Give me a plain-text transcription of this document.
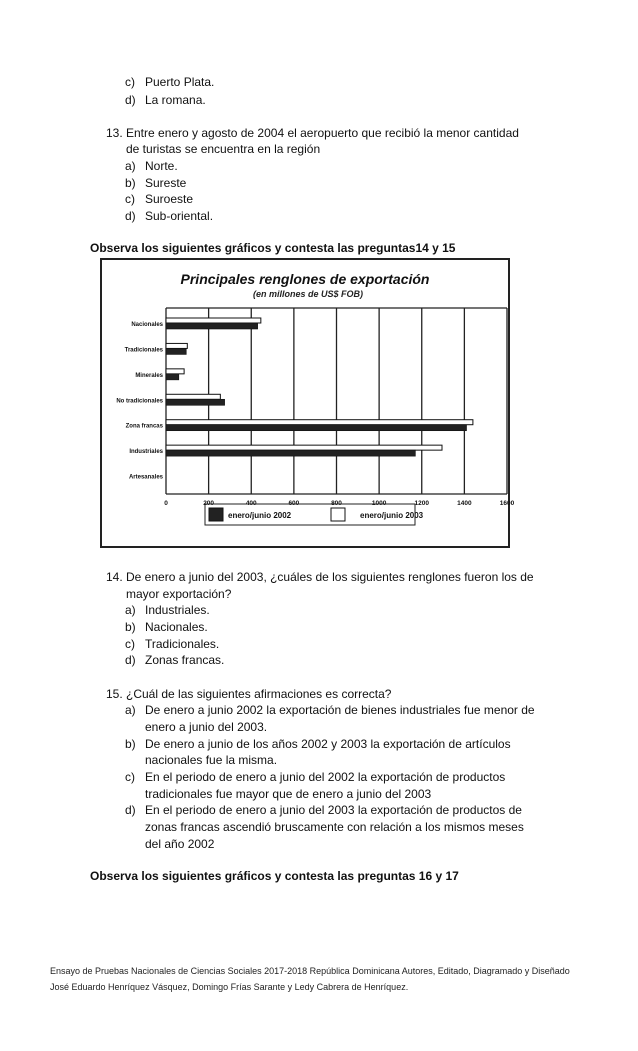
c) Puerto Plata.
d) La romana.
13. Entre enero y agosto de 2004 el aeropuerto que recibió la menor cantidad
de turistas se encuentra en la región
a) Norte.
b) Sureste
c) Suroeste
d) Sub-oriental.
Observa los siguientes gráficos y contesta las preguntas14 y 15
Principales renglones de exportación
(en millones de US$ FOB)
Nacionales
Tradicionales
Minerales
No tradicionales
Zona francas
Industriales
Artesanales
0	200	400	600	800	1000	1200	1400	1600
enero/junio 2002	enero/junio 2003
14. De enero a junio del 2003, ¿cuáles de los siguientes renglones fueron los de
mayor exportación?
a) Industriales.
b) Nacionales.
c) Tradicionales.
d) Zonas francas.
15. ¿Cuál de las siguientes afirmaciones es correcta?
a) De enero a junio 2002 la exportación de bienes industriales fue menor de
enero a junio del 2003.
b) De enero a junio de los años 2002 y 2003 la exportación de artículos
nacionales fue la misma.
c) En el periodo de enero a junio del 2002 la exportación de productos
tradicionales fue mayor que de enero a junio del 2003
d) En el periodo de enero a junio del 2003 la exportación de productos de
zonas francas ascendió bruscamente con relación a los mismos meses
del año 2002
Observa los siguientes gráficos y contesta las preguntas 16 y 17
Ensayo de Pruebas Nacionales de Ciencias Sociales 2017-2018 República Dominicana Autores, Editado, Diagramado y Diseñado
José Eduardo Henríquez Vásquez, Domingo Frías Sarante y Ledy Cabrera de Henríquez.
